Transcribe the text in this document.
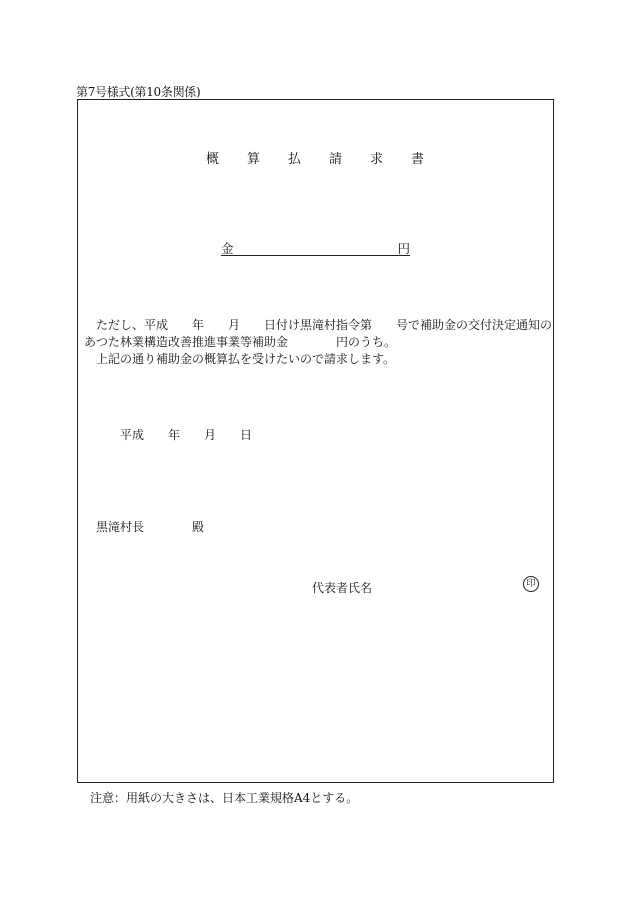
第7号様式(第10条関係)
概 算 払 請 求 書
金	円
ただし、平成　　年　　月　　日付け黒滝村指令第　　号で補助金の交付決定通知の
あつた林業構造改善推進事業等補助金　　　　円のうち。
上記の通り補助金の概算払を受けたいので請求します。
平成　　年　　月　　日
黒滝村長　　　　殿
代表者氏名	印
注意：用紙の大きさは、日本工業規格A4とする。
